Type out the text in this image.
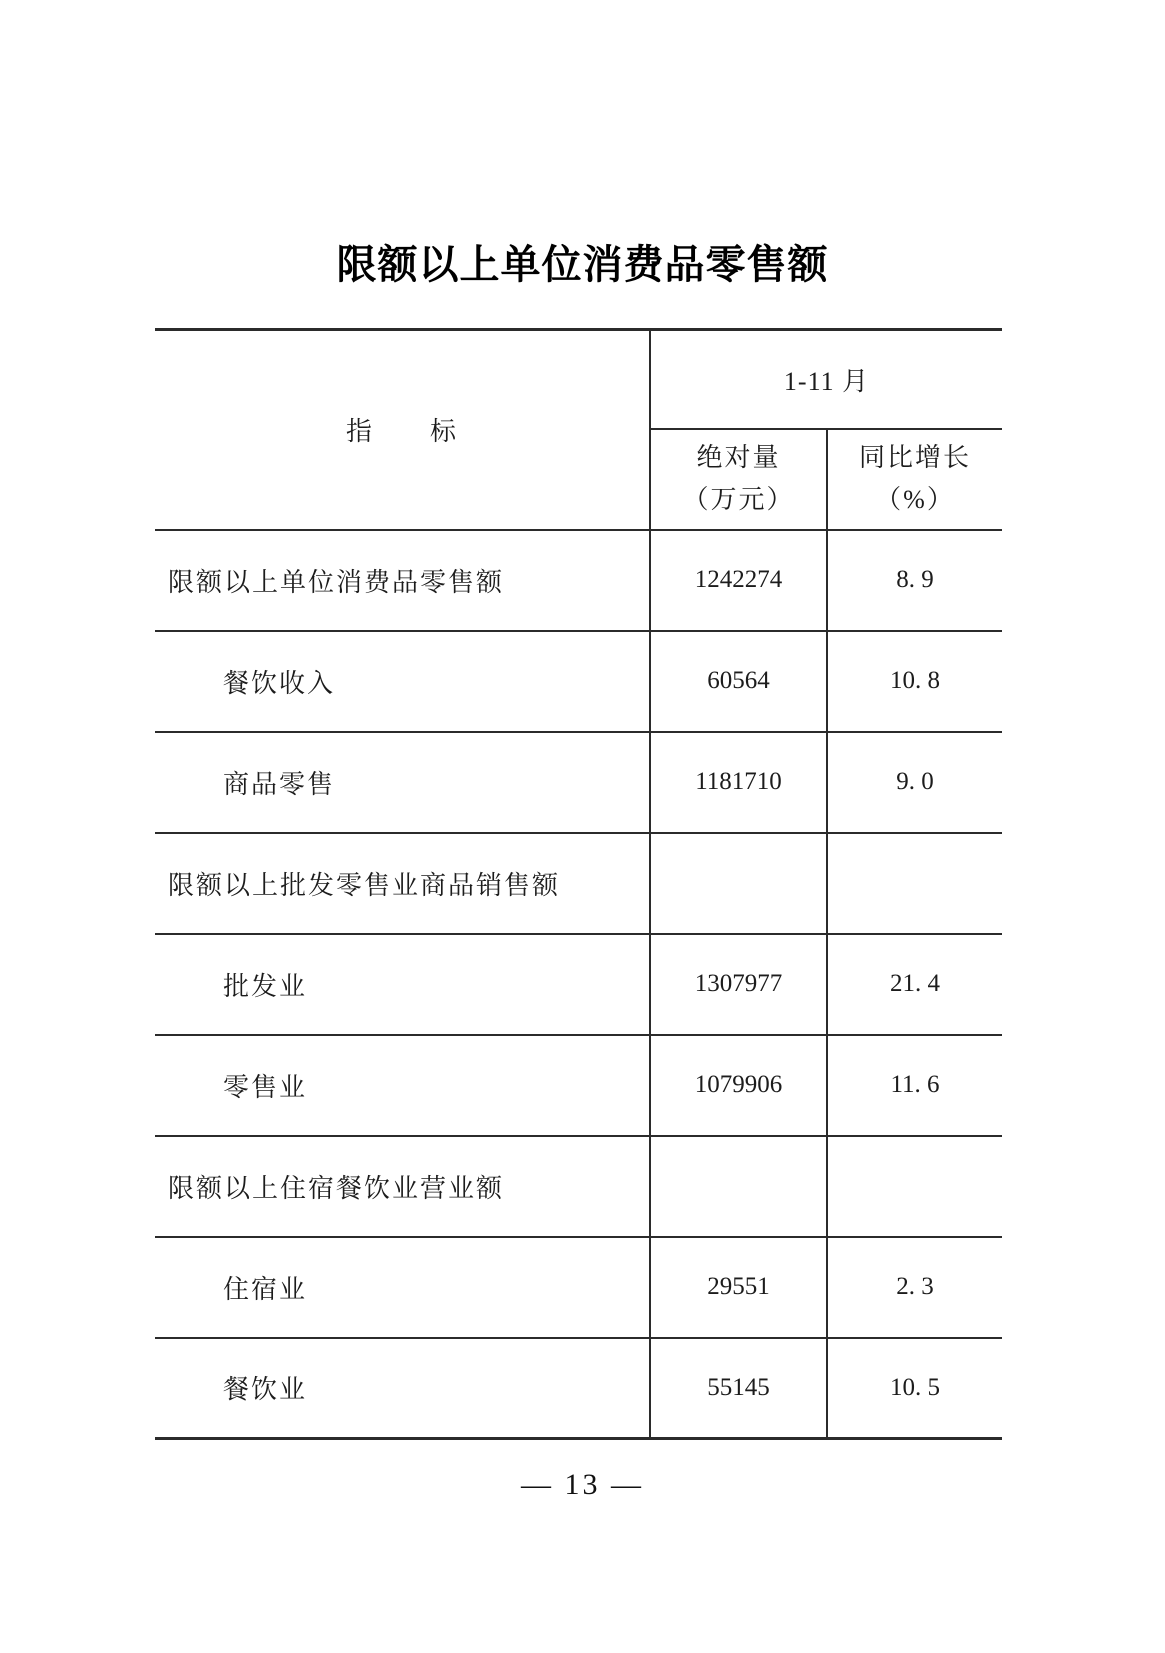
限额以上单位消费品零售额
指　　标	1-11 月	

绝对量
（万元）

同比增长
（%）

限额以上单位消费品零售额	1242274	8. 9
餐饮收入	60564	10. 8
商品零售	1181710	9. 0
限额以上批发零售业商品销售额		
批发业	1307977	21. 4
零售业	1079906	11. 6
限额以上住宿餐饮业营业额		
住宿业	29551	2. 3
餐饮业	55145	10. 5
— 13 —
